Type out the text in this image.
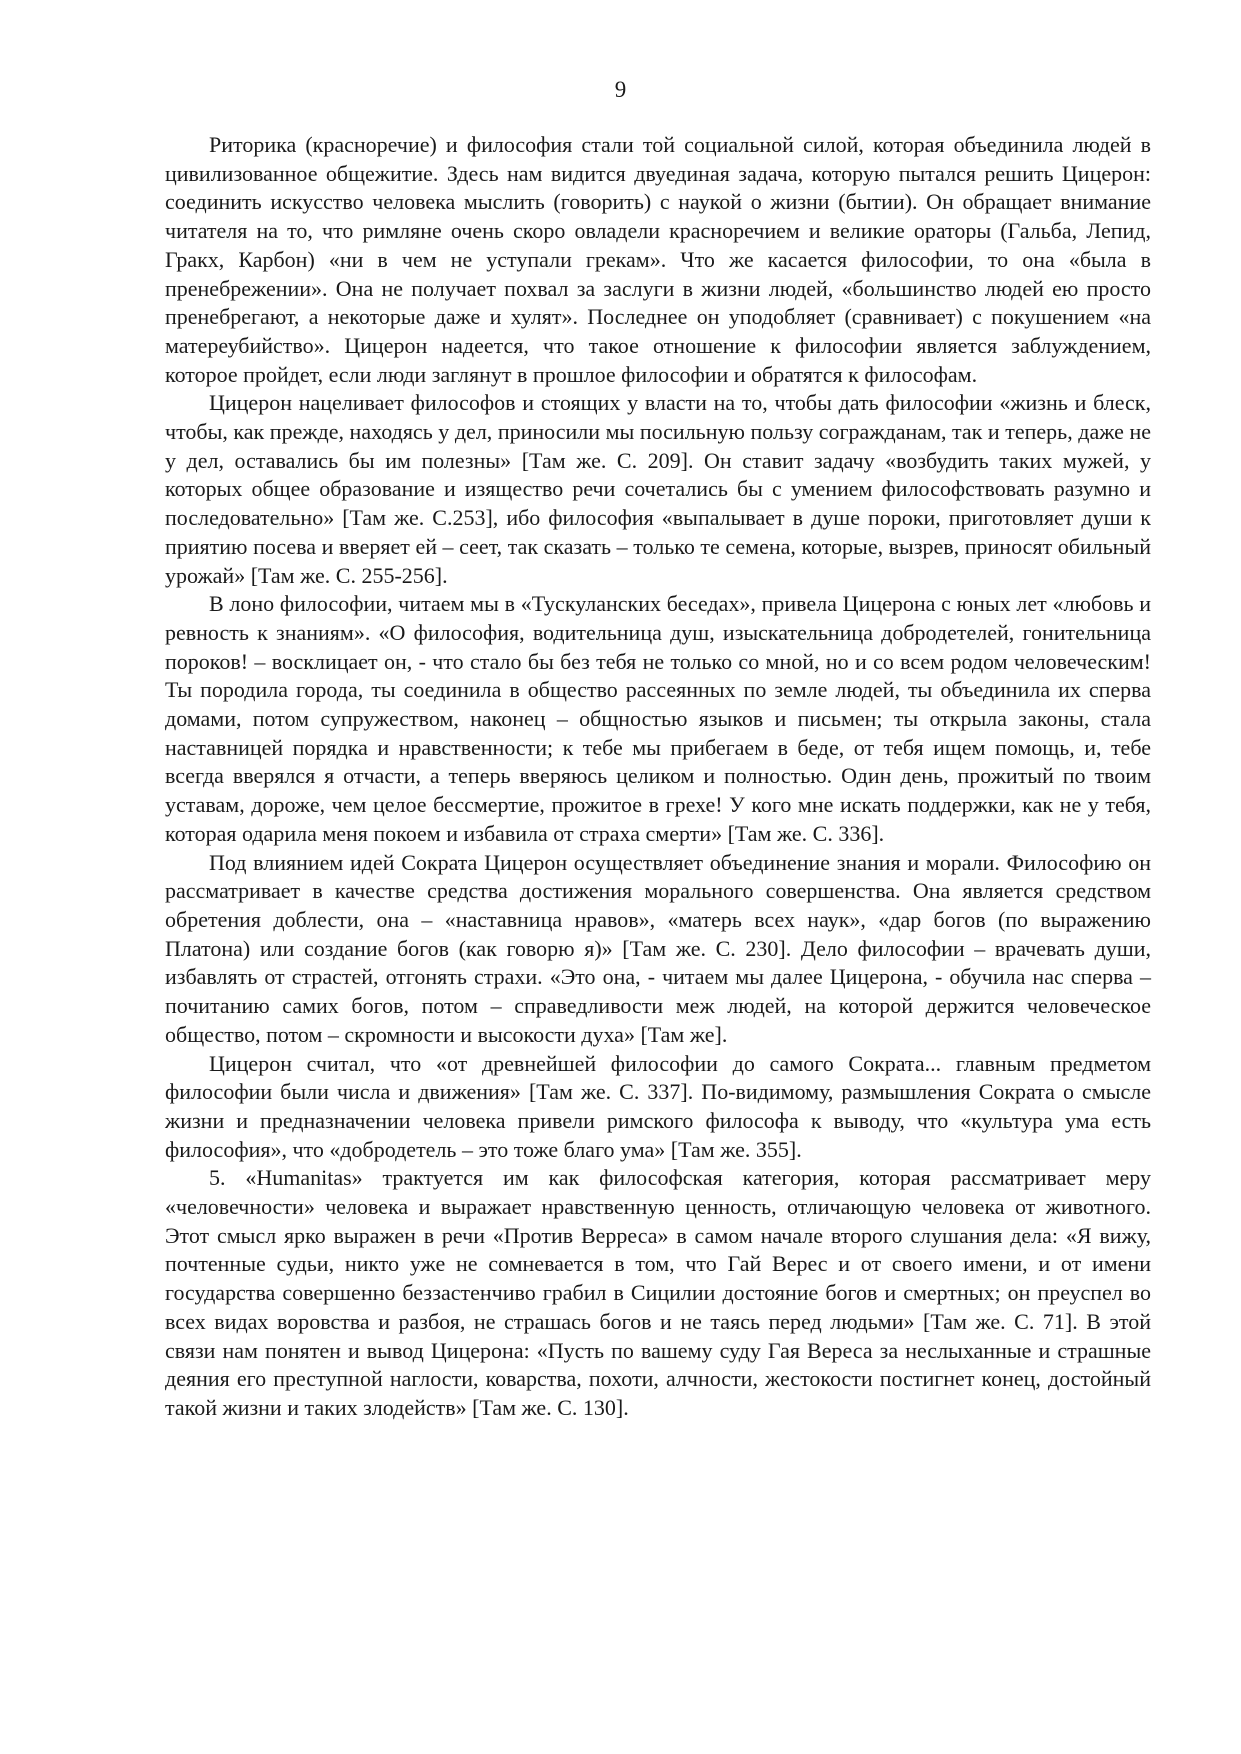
9

Риторика (красноречие) и философия стали той социальной силой, которая объединила людей в цивилизованное общежитие. Здесь нам видится двуединая задача, которую пытался решить Цицерон: соединить искусство человека мыслить (говорить) с наукой о жизни (бытии). Он обращает внимание читателя на то, что римляне очень скоро овладели красноречием и великие ораторы (Гальба, Лепид, Гракх, Карбон) «ни в чем не уступали грекам». Что же касается философии, то она «была в пренебрежении». Она не получает похвал за заслуги в жизни людей, «большинство людей ею просто пренебрегают, а некоторые даже и хулят». Последнее он уподобляет (сравнивает) с покушением «на матереубийство». Цицерон надеется, что такое отношение к философии является заблуждением, которое пройдет, если люди заглянут в прошлое философии и обратятся к философам.

Цицерон нацеливает философов и стоящих у власти на то, чтобы дать философии «жизнь и блеск, чтобы, как прежде, находясь у дел, приносили мы посильную пользу согражданам, так и теперь, даже не у дел, оставались бы им полезны» [Там же. С. 209]. Он ставит задачу «возбудить таких мужей, у которых общее образование и изящество речи сочетались бы с умением философствовать разумно и последовательно» [Там же. С.253], ибо философия «выпалывает в душе пороки, приготовляет души к приятию посева и вверяет ей – сеет, так сказать – только те семена, которые, вызрев, приносят обильный урожай» [Там же. С. 255-256].

В лоно философии, читаем мы в «Тускуланских беседах», привела Цицерона с юных лет «любовь и ревность к знаниям». «О философия, водительница душ, изыскательница добродетелей, гонительница пороков! – восклицает он, - что стало бы без тебя не только со мной, но и со всем родом человеческим! Ты породила города, ты соединила в общество рассеянных по земле людей, ты объединила их сперва домами, потом супружеством, наконец – общностью языков и письмен; ты открыла законы, стала наставницей порядка и нравственности; к тебе мы прибегаем в беде, от тебя ищем помощь, и, тебе всегда вверялся я отчасти, а теперь вверяюсь целиком и полностью. Один день, прожитый по твоим уставам, дороже, чем целое бессмертие, прожитое в грехе! У кого мне искать поддержки, как не у тебя, которая одарила меня покоем и избавила от страха смерти» [Там же. С. 336].

Под влиянием идей Сократа Цицерон осуществляет объединение знания и морали. Философию он рассматривает в качестве средства достижения морального совершенства. Она является средством обретения доблести, она – «наставница нравов», «матерь всех наук», «дар богов (по выражению Платона) или создание богов (как говорю я)» [Там же. С. 230]. Дело философии – врачевать души, избавлять от страстей, отгонять страхи. «Это она, - читаем мы далее Цицерона, - обучила нас сперва – почитанию самих богов, потом – справедливости меж людей, на которой держится человеческое общество, потом – скромности и высокости духа» [Там же].

Цицерон считал, что «от древнейшей философии до самого Сократа... главным предметом философии были числа и движения» [Там же. С. 337]. По-видимому, размышления Сократа о смысле жизни и предназначении человека привели римского философа к выводу, что «культура ума есть философия», что «добродетель – это тоже благо ума» [Там же. 355].

5. «Humanitas» трактуется им как философская категория, которая рассматривает меру «человечности» человека и выражает нравственную ценность, отличающую человека от животного. Этот смысл ярко выражен в речи «Против Верреса» в самом начале второго слушания дела: «Я вижу, почтенные судьи, никто уже не сомневается в том, что Гай Верес и от своего имени, и от имени государства совершенно беззастенчиво грабил в Сицилии достояние богов и смертных; он преуспел во всех видах воровства и разбоя, не страшась богов и не таясь перед людьми» [Там же. С. 71]. В этой связи нам понятен и вывод Цицерона: «Пусть по вашему суду Гая Вереса за неслыханные и страшные деяния его преступной наглости, коварства, похоти, алчности, жестокости постигнет конец, достойный такой жизни и таких злодейств» [Там же. С. 130].
